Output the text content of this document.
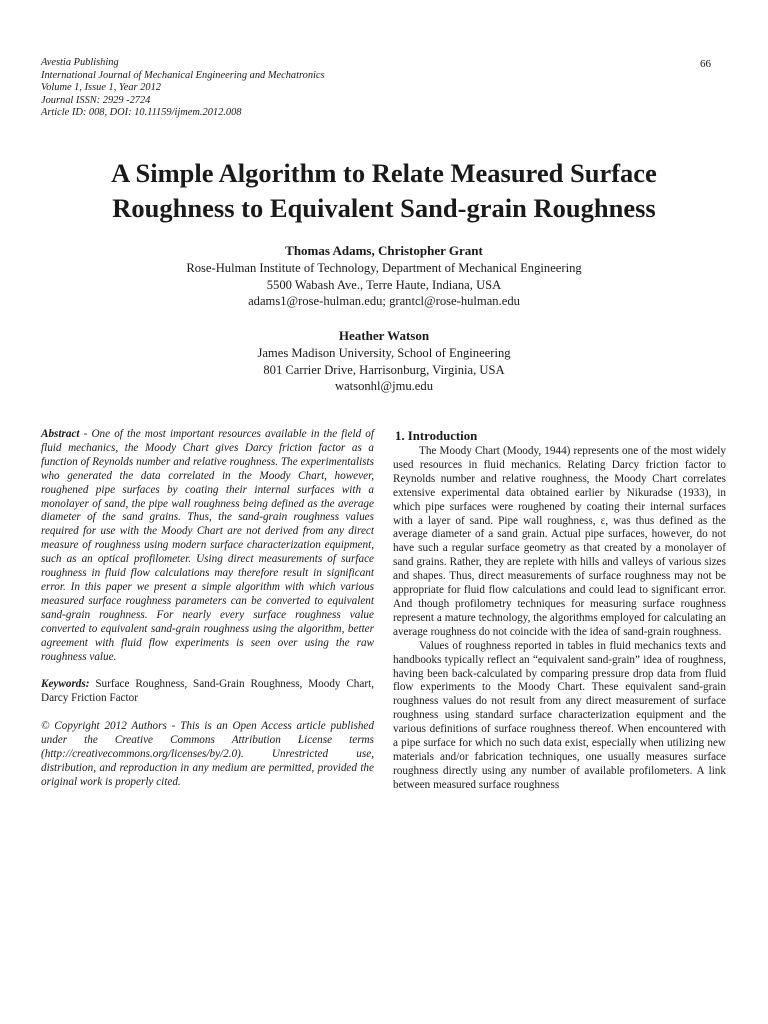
Avestia Publishing
International Journal of Mechanical Engineering and Mechatronics
Volume 1, Issue 1, Year 2012
Journal ISSN: 2929 -2724
Article ID: 008, DOI: 10.11159/ijmem.2012.008
66
A Simple Algorithm to Relate Measured Surface
Roughness to Equivalent Sand-grain Roughness
Thomas Adams, Christopher Grant
Rose-Hulman Institute of Technology, Department of Mechanical Engineering
5500 Wabash Ave., Terre Haute, Indiana, USA
adams1@rose-hulman.edu; grantcl@rose-hulman.edu
Heather Watson
James Madison University, School of Engineering
801 Carrier Drive, Harrisonburg, Virginia, USA
watsonhl@jmu.edu

Abstract - One of the most important resources available in the field of fluid mechanics, the Moody Chart gives Darcy friction factor as a function of Reynolds number and relative roughness. The experimentalists who generated the data correlated in the Moody Chart, however, roughened pipe surfaces by coating their internal surfaces with a monolayer of sand, the pipe wall roughness being defined as the average diameter of the sand grains. Thus, the sand-grain roughness values required for use with the Moody Chart are not derived from any direct measure of roughness using modern surface characterization equipment, such as an optical profilometer. Using direct measurements of surface roughness in fluid flow calculations may therefore result in significant error. In this paper we present a simple algorithm with which various measured surface roughness parameters can be converted to equivalent sand-grain roughness. For nearly every surface roughness value converted to equivalent sand-grain roughness using the algorithm, better agreement with fluid flow experiments is seen over using the raw roughness value.

Keywords: Surface Roughness, Sand-Grain Roughness, Moody Chart, Darcy Friction Factor

© Copyright 2012 Authors - This is an Open Access article published under the Creative Commons Attribution License terms (http://creativecommons.org/licenses/by/2.0). Unrestricted use, distribution, and reproduction in any medium are permitted, provided the original work is properly cited.

1. Introduction

The Moody Chart (Moody, 1944) represents one of the most widely used resources in fluid mechanics. Relating Darcy friction factor to Reynolds number and relative roughness, the Moody Chart correlates extensive experimental data obtained earlier by Nikuradse (1933), in which pipe surfaces were roughened by coating their internal surfaces with a layer of sand. Pipe wall roughness, ε, was thus defined as the average diameter of a sand grain. Actual pipe surfaces, however, do not have such a regular surface geometry as that created by a monolayer of sand grains. Rather, they are replete with hills and valleys of various sizes and shapes. Thus, direct measurements of surface roughness may not be appropriate for fluid flow calculations and could lead to significant error. And though profilometry techniques for measuring surface roughness represent a mature technology, the algorithms employed for calculating an average roughness do not coincide with the idea of sand-grain roughness.

Values of roughness reported in tables in fluid mechanics texts and handbooks typically reflect an “equivalent sand-grain” idea of roughness, having been back-calculated by comparing pressure drop data from fluid flow experiments to the Moody Chart. These equivalent sand-grain roughness values do not result from any direct measurement of surface roughness using standard surface characterization equipment and the various definitions of surface roughness thereof. When encountered with a pipe surface for which no such data exist, especially when utilizing new materials and/or fabrication techniques, one usually measures surface roughness directly using any number of available profilometers. A link between measured surface roughness
